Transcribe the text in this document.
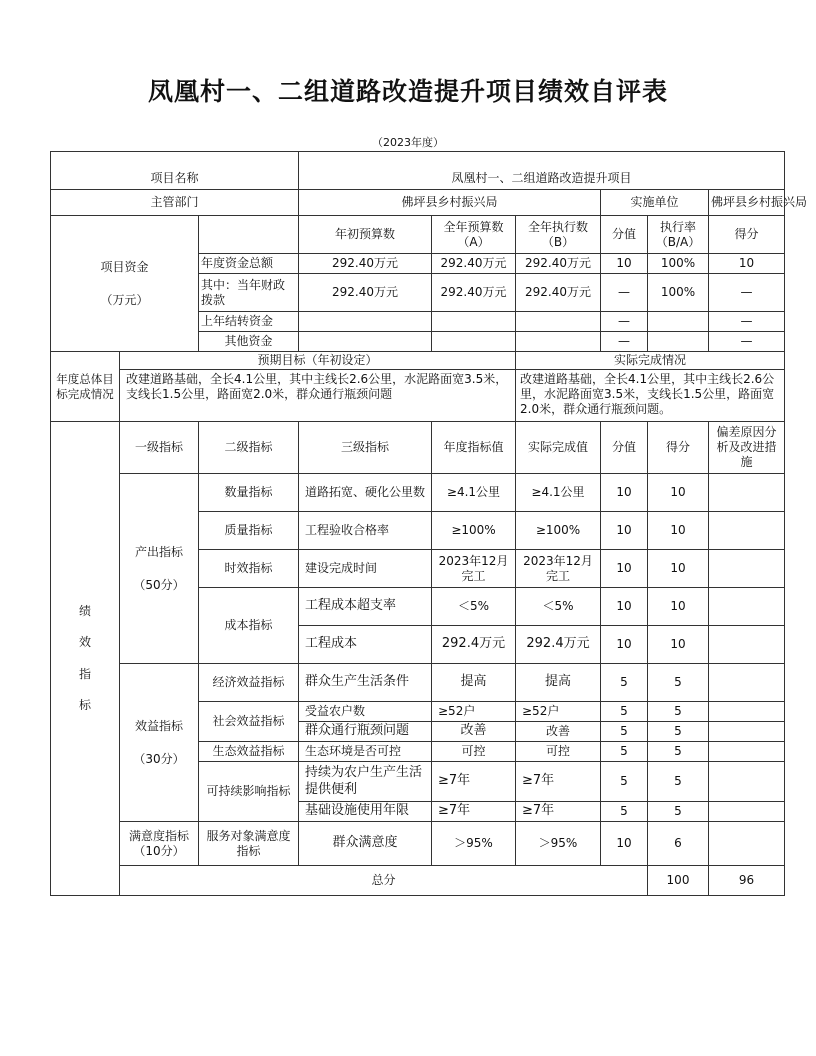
凤凰村一、二组道路改造提升项目绩效自评表
（2023年度）
项目名称			凤凰村一、二组道路改造提升项目						
主管部门			佛坪县乡村振兴局			实施单位		佛坪县乡村振兴局	

项目资金
（万元）			年初预算数	全年预算数（A）	全年执行数（B）	分值	执行率（B/A）	得分	
		年度资金总额	292.40万元	292.40万元	292.40万元	10	100%	10	
		其中：当年财政拨款	292.40万元	292.40万元	292.40万元	—	100%	—	
		上年结转资金				—		—	
		其他资金				—		—	
年度总体目标完成情况	预期目标（年初设定）				实际完成情况				
	改建道路基础，全长4.1公里，其中主线长2.6公里，水泥路面宽3.5米，支线长1.5公里，路面宽2.0米，群众通行瓶颈问题				改建道路基础，全长4.1公里，其中主线长2.6公里，水泥路面宽3.5米，支线长1.5公里，路面宽2.0米，群众通行瓶颈问题。				

绩
效
指
标	一级指标	二级指标	三级指标	年度指标值	实际完成值	分值	得分	偏差原因分析及改进措施	

	产出指标
（50分）	数量指标	道路拓宽、硬化公里数	≥4.1公里	≥4.1公里	10	10		
		质量指标	工程验收合格率	≥100%	≥100%	10	10		
		时效指标	建设完成时间	2023年12月完工	2023年12月完工	10	10		
		成本指标	工程成本超支率	＜5%	＜5%	10	10		
			工程成本	292.4万元	292.4万元	10	10		

	效益指标
（30分）	经济效益指标	群众生产生活条件	提高	提高	5	5		
		社会效益指标	受益农户数	≥52户	≥52户	5	5		
			群众通行瓶颈问题	改善	改善	5	5		
		生态效益指标	生态环境是否可控	可控	可控	5	5		
		可持续影响指标	持续为农户生产生活提供便利	≥7年	≥7年	5	5		
			基础设施使用年限	≥7年	≥7年	5	5		
	满意度指标（10分）	服务对象满意度指标	群众满意度	＞95%	＞95%	10	6		
	总分						100	96	
